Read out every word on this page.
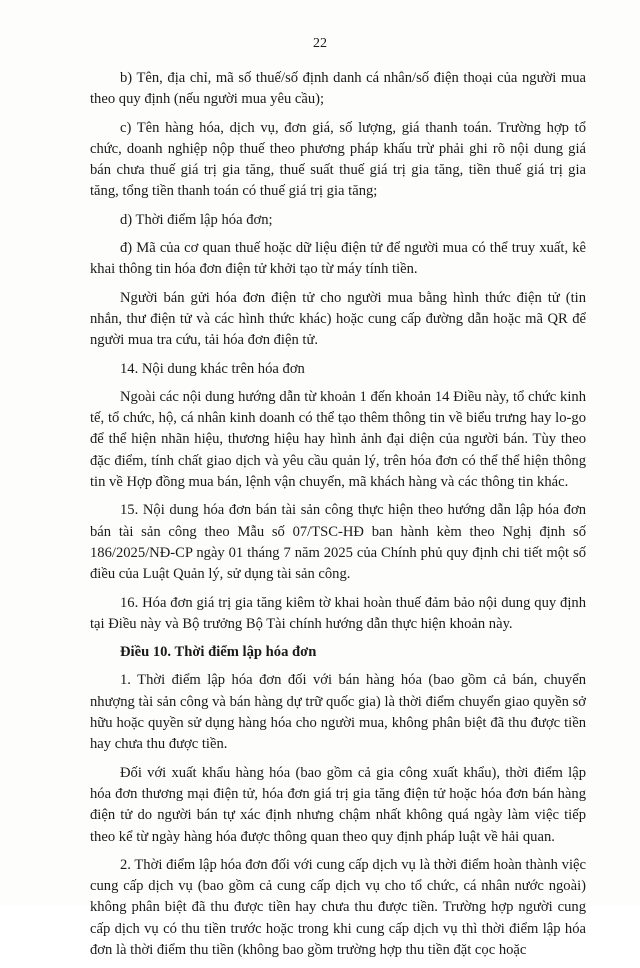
22

b) Tên, địa chỉ, mã số thuế/số định danh cá nhân/số điện thoại của người mua theo quy định (nếu người mua yêu cầu);

c) Tên hàng hóa, dịch vụ, đơn giá, số lượng, giá thanh toán. Trường hợp tổ chức, doanh nghiệp nộp thuế theo phương pháp khấu trừ phải ghi rõ nội dung giá bán chưa thuế giá trị gia tăng, thuế suất thuế giá trị gia tăng, tiền thuế giá trị gia tăng, tổng tiền thanh toán có thuế giá trị gia tăng;

d) Thời điểm lập hóa đơn;

đ) Mã của cơ quan thuế hoặc dữ liệu điện tử để người mua có thể truy xuất, kê khai thông tin hóa đơn điện tử khởi tạo từ máy tính tiền.

Người bán gửi hóa đơn điện tử cho người mua bằng hình thức điện tử (tin nhắn, thư điện tử và các hình thức khác) hoặc cung cấp đường dẫn hoặc mã QR để người mua tra cứu, tải hóa đơn điện tử.

14. Nội dung khác trên hóa đơn

Ngoài các nội dung hướng dẫn từ khoản 1 đến khoản 14 Điều này, tổ chức kinh tế, tổ chức, hộ, cá nhân kinh doanh có thể tạo thêm thông tin về biểu trưng hay lo-go để thể hiện nhãn hiệu, thương hiệu hay hình ảnh đại diện của người bán. Tùy theo đặc điểm, tính chất giao dịch và yêu cầu quản lý, trên hóa đơn có thể thể hiện thông tin về Hợp đồng mua bán, lệnh vận chuyển, mã khách hàng và các thông tin khác.

15. Nội dung hóa đơn bán tài sản công thực hiện theo hướng dẫn lập hóa đơn bán tài sản công theo Mẫu số 07/TSC-HĐ ban hành kèm theo Nghị định số 186/2025/NĐ-CP ngày 01 tháng 7 năm 2025 của Chính phủ quy định chi tiết một số điều của Luật Quản lý, sử dụng tài sản công.

16. Hóa đơn giá trị gia tăng kiêm tờ khai hoàn thuế đảm bảo nội dung quy định tại Điều này và Bộ trưởng Bộ Tài chính hướng dẫn thực hiện khoản này.

Điều 10. Thời điểm lập hóa đơn

1. Thời điểm lập hóa đơn đối với bán hàng hóa (bao gồm cả bán, chuyển nhượng tài sản công và bán hàng dự trữ quốc gia) là thời điểm chuyển giao quyền sở hữu hoặc quyền sử dụng hàng hóa cho người mua, không phân biệt đã thu được tiền hay chưa thu được tiền.

Đối với xuất khẩu hàng hóa (bao gồm cả gia công xuất khẩu), thời điểm lập hóa đơn thương mại điện tử, hóa đơn giá trị gia tăng điện tử hoặc hóa đơn bán hàng điện tử do người bán tự xác định nhưng chậm nhất không quá ngày làm việc tiếp theo kể từ ngày hàng hóa được thông quan theo quy định pháp luật về hải quan.

2. Thời điểm lập hóa đơn đối với cung cấp dịch vụ là thời điểm hoàn thành việc cung cấp dịch vụ (bao gồm cả cung cấp dịch vụ cho tổ chức, cá nhân nước ngoài) không phân biệt đã thu được tiền hay chưa thu được tiền. Trường hợp người cung cấp dịch vụ có thu tiền trước hoặc trong khi cung cấp dịch vụ thì thời điểm lập hóa đơn là thời điểm thu tiền (không bao gồm trường hợp thu tiền đặt cọc hoặc
